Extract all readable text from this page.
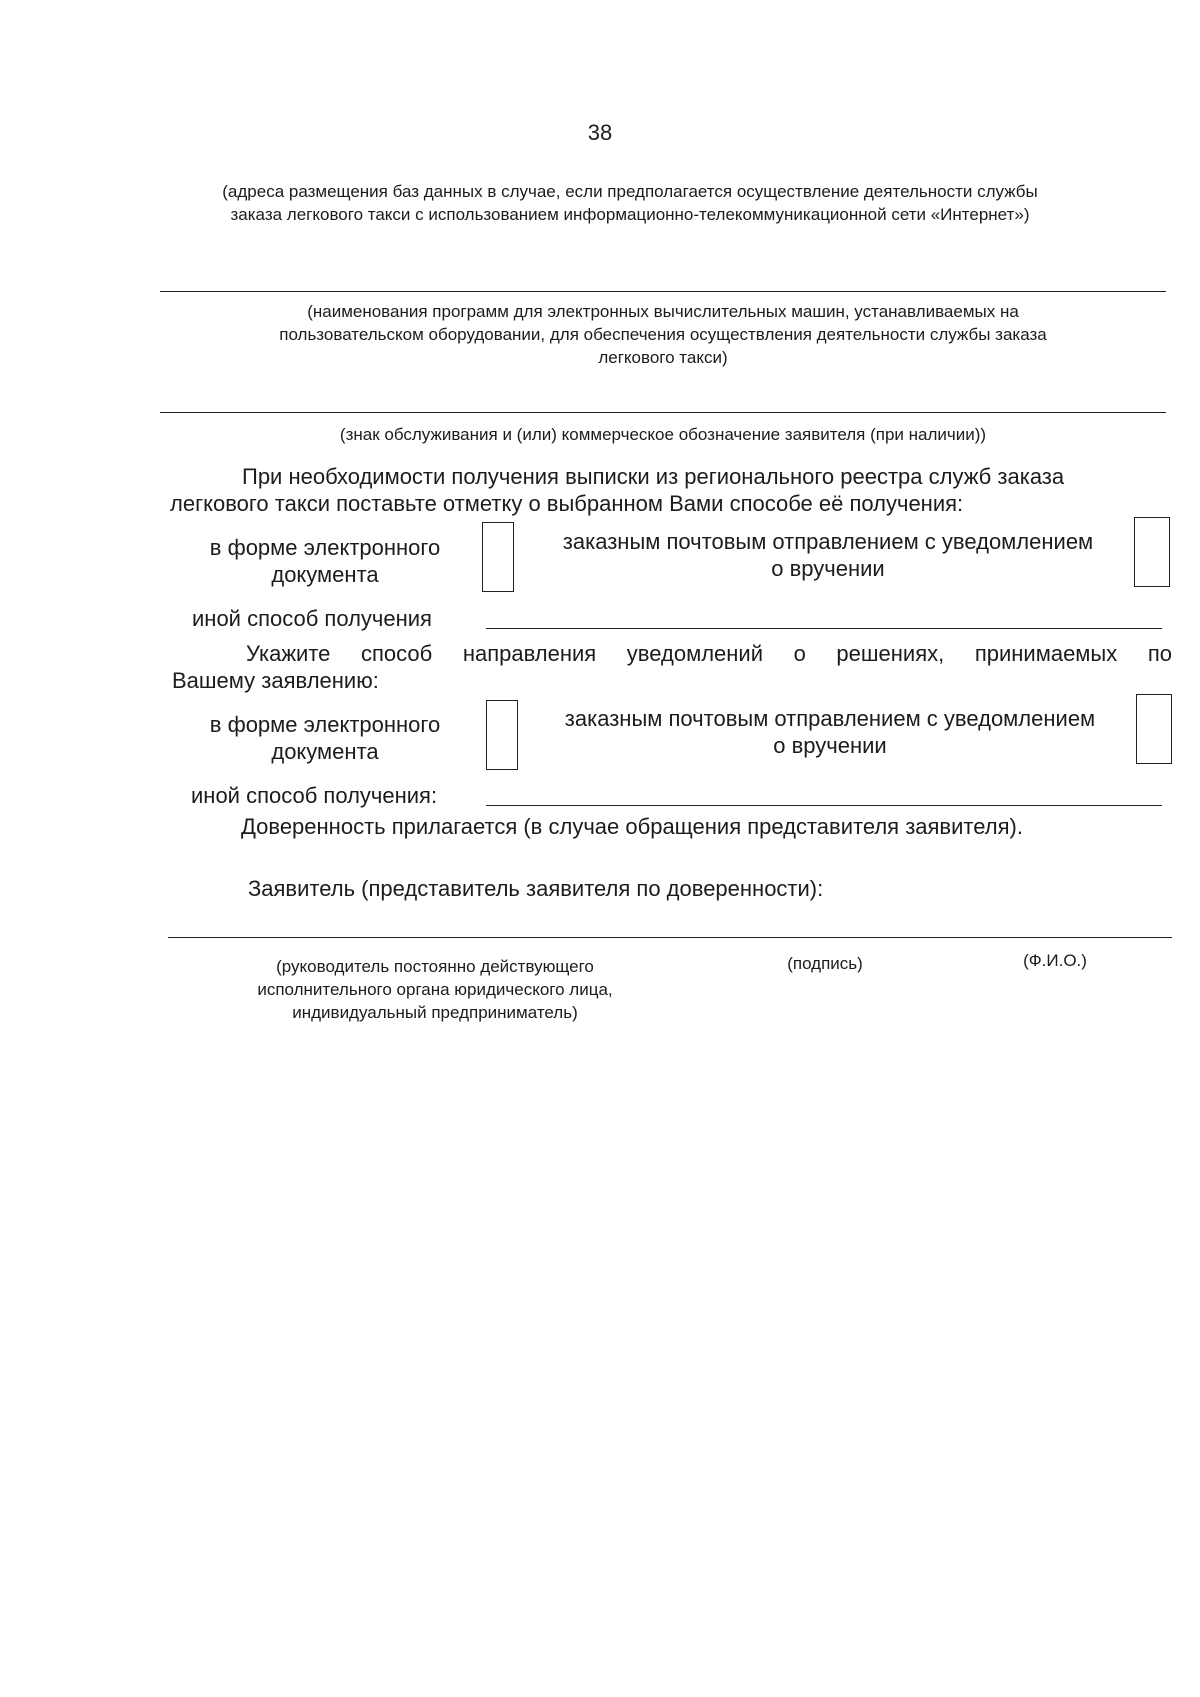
38
(адреса размещения баз данных в случае, если предполагается осуществление деятельности службы
заказа легкового такси с использованием информационно-телекоммуникационной сети «Интернет»)
(наименования программ для электронных вычислительных машин, устанавливаемых на
пользовательском оборудовании, для обеспечения осуществления деятельности службы заказа
легкового такси)
(знак обслуживания и (или) коммерческое обозначение заявителя (при наличии))
При необходимости получения выписки из регионального реестра служб заказа
легкового такси поставьте отметку о выбранном Вами способе её получения:
в форме электронного
документа
заказным почтовым отправлением с уведомлением
о вручении
иной способ получения
Укажите способ направления уведомлений о решениях, принимаемых по
Вашему заявлению:
в форме электронного
документа
заказным почтовым отправлением с уведомлением
о вручении
иной способ получения:
Доверенность прилагается (в случае обращения представителя заявителя).
Заявитель (представитель заявителя по доверенности):
(руководитель постоянно действующего
исполнительного органа юридического лица,
индивидуальный предприниматель)
(подпись)	(Ф.И.О.)
